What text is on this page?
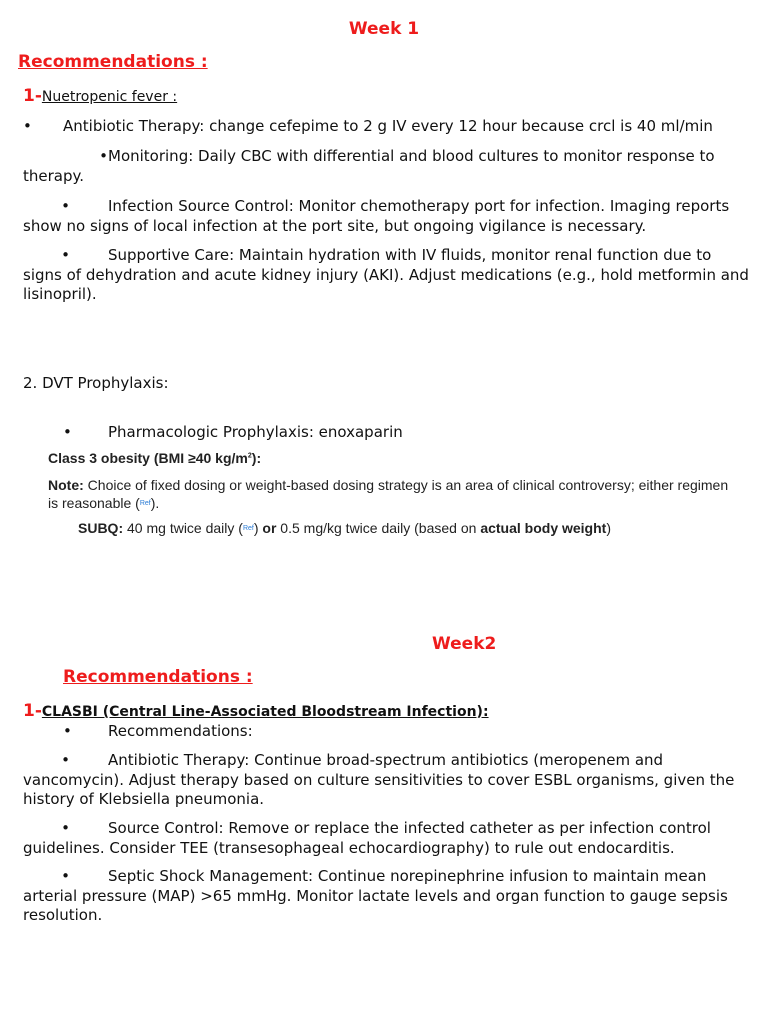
Week 1
Recommendations :
1-Nuetropenic fever :
• Antibiotic Therapy: change cefepime to 2 g IV every 12 hour because crcl is 40 ml/min
•Monitoring: Daily CBC with differential and blood cultures to monitor response to therapy.
•	Infection Source Control: Monitor chemotherapy port for infection. Imaging reports show no signs of local infection at the port site, but ongoing vigilance is necessary.
•	Supportive Care: Maintain hydration with IV fluids, monitor renal function due to signs of dehydration and acute kidney injury (AKI). Adjust medications (e.g., hold metformin and lisinopril).
2. DVT Prophylaxis:
• Pharmacologic Prophylaxis: enoxaparin
Class 3 obesity (BMI ≥40 $kg/m^2$):
Note: Choice of fixed dosing or weight-based dosing strategy is an area of clinical controversy; either regimen is reasonable ($^{Ref}$).
SUBQ: 40 mg twice daily ($^{Ref}$) or 0.5 mg/kg twice daily (based on actual body weight)
Week2
Recommendations :
1-CLASBI (Central Line-Associated Bloodstream Infection):
• Recommendations:
•	Antibiotic Therapy: Continue broad-spectrum antibiotics (meropenem and vancomycin). Adjust therapy based on culture sensitivities to cover ESBL organisms, given the history of Klebsiella pneumonia.
•	Source Control: Remove or replace the infected catheter as per infection control guidelines. Consider TEE (transesophageal echocardiography) to rule out endocarditis.
•	Septic Shock Management: Continue norepinephrine infusion to maintain mean arterial pressure (MAP) >65 mmHg. Monitor lactate levels and organ function to gauge sepsis resolution.
